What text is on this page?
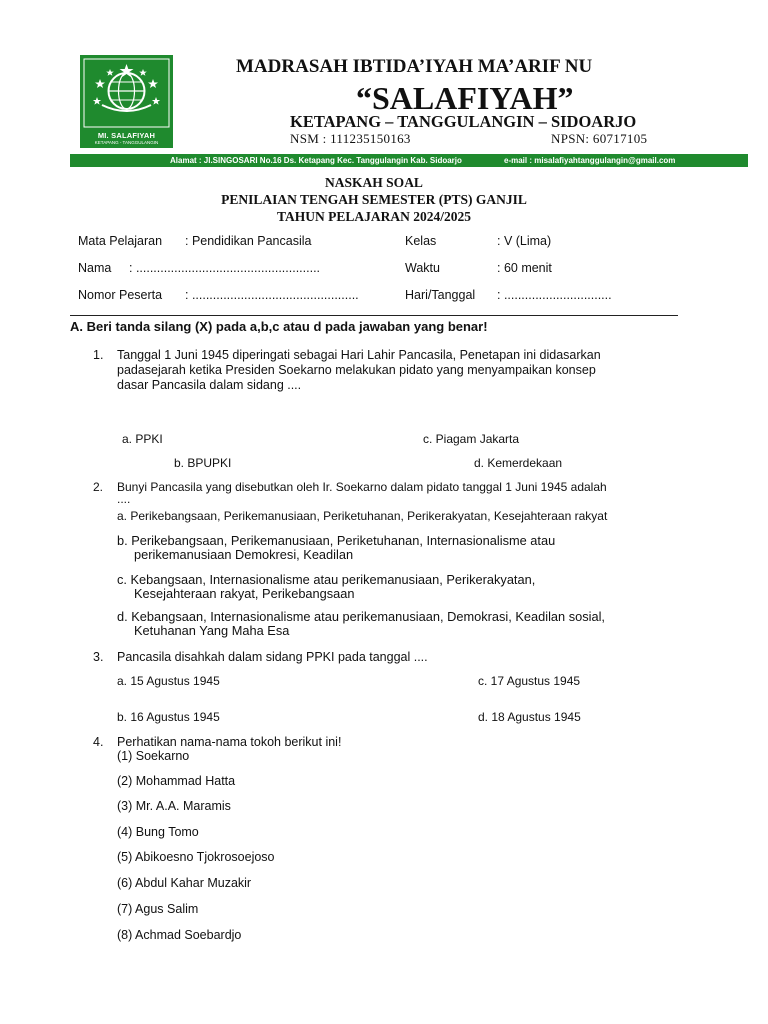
MI. SALAFIYAH
KETAPANG - TANGGULANGIN
MADRASAH IBTIDA’IYAH MA’ARIF NU
“SALAFIYAH”
KETAPANG – TANGGULANGIN – SIDOARJO
NSM : 111235150163	NPSN: 60717105
Alamat : Jl.SINGOSARI No.16 Ds. Ketapang Kec. Tanggulangin Kab. Sidoarjo	e-mail : misalafiyahtanggulangin@gmail.com
NASKAH SOAL
PENILAIAN TENGAH SEMESTER (PTS) GANJIL
TAHUN PELAJARAN 2024/2025
Mata Pelajaran : Pendidikan Pancasila	Kelas	: V (Lima)
Nama : .....................................................	Waktu	: 60 menit
Nomor Peserta : ................................................	Hari/Tanggal : ...............................
A. Beri tanda silang (X) pada a,b,c atau d pada jawaban yang benar!
1. Tanggal 1 Juni 1945 diperingati sebagai Hari Lahir Pancasila, Penetapan ini didasarkan
padasejarah ketika Presiden Soekarno melakukan pidato yang menyampaikan konsep
dasar Pancasila dalam sidang ....
a. PPKI
b. BPUPKI
c. Piagam Jakarta
d. Kemerdekaan
2. Bunyi Pancasila yang disebutkan oleh Ir. Soekarno dalam pidato tanggal 1 Juni 1945 adalah
....
a. Perikebangsaan, Perikemanusiaan, Periketuhanan, Perikerakyatan, Kesejahteraan rakyat
b. Perikebangsaan, Perikemanusiaan, Periketuhanan, Internasionalisme atau
perikemanusiaan Demokresi, Keadilan
c. Kebangsaan, Internasionalisme atau perikemanusiaan, Perikerakyatan,
Kesejahteraan rakyat, Perikebangsaan
d. Kebangsaan, Internasionalisme atau perikemanusiaan, Demokrasi, Keadilan sosial,
Ketuhanan Yang Maha Esa
3. Pancasila disahkah dalam sidang PPKI pada tanggal ....
a. 15 Agustus 1945	c. 17 Agustus 1945
b. 16 Agustus 1945	d. 18 Agustus 1945
4. Perhatikan nama-nama tokoh berikut ini!
(1) Soekarno
(2) Mohammad Hatta
(3) Mr. A.A. Maramis
(4) Bung Tomo
(5) Abikoesno Tjokrosoejoso
(6) Abdul Kahar Muzakir
(7) Agus Salim
(8) Achmad Soebardjo
